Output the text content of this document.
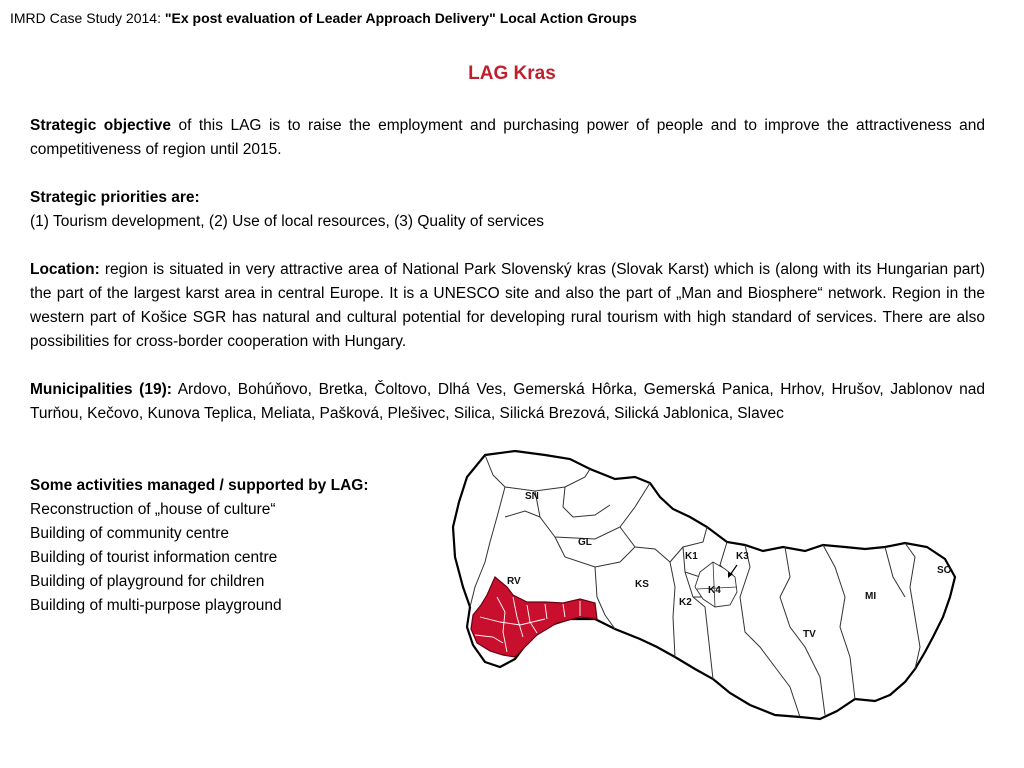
IMRD Case Study 2014: "Ex post evaluation of Leader Approach Delivery" Local Action Groups
LAG Kras
Strategic objective of this LAG is to raise the employment and purchasing power of people and to improve the attractiveness and competitiveness of region until 2015.
Strategic priorities are:
(1) Tourism development, (2) Use of local resources, (3) Quality of services
Location: region is situated in very attractive area of National Park Slovenský kras (Slovak Karst) which is (along with its Hungarian part) the part of the largest karst area in central Europe. It is a UNESCO site and also the part of „Man and Biosphere“ network. Region in the western part of Košice SGR has natural and cultural potential for developing rural tourism with high standard of services. There are also possibilities for cross-border cooperation with Hungary.
Municipalities (19): Ardovo, Bohúňovo, Bretka, Čoltovo, Dlhá Ves, Gemerská Hôrka, Gemerská Panica, Hrhov, Hrušov, Jablonov nad Turňou, Kečovo, Kunova Teplica, Meliata, Pašková, Plešivec, Silica, Silická Brezová, Silická Jablonica, Slavec
Some activities managed / supported by LAG:
Reconstruction of „house of culture“
Building of community centre
Building of tourist information centre
Building of playground for children
Building of multi-purpose playground
SN
GL
RV	KS
K1
K2
K3
K4
TV
MI
SO
